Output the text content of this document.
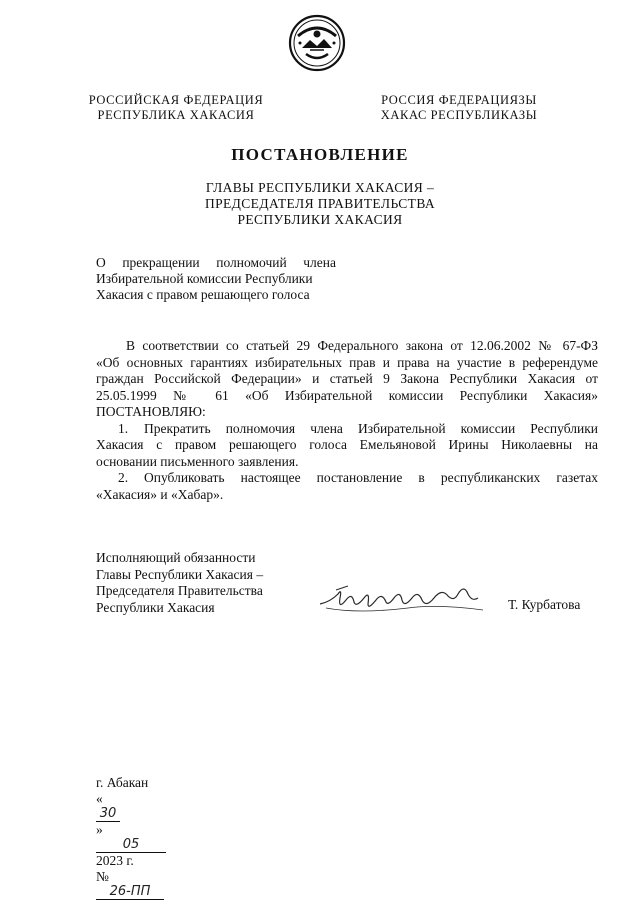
РОССИЙСКАЯ ФЕДЕРАЦИЯ
РЕСПУБЛИКА ХАКАСИЯ
РОССИЯ ФЕДЕРАЦИЯЗЫ
ХАКАС РЕСПУБЛИКАЗЫ
ПОСТАНОВЛЕНИЕ
ГЛАВЫ РЕСПУБЛИКИ ХАКАСИЯ –
ПРЕДСЕДАТЕЛЯ ПРАВИТЕЛЬСТВА
РЕСПУБЛИКИ ХАКАСИЯ
О прекращении полномочий члена
Избирательной комиссии Республики
Хакасия с правом решающего голоса
В соответствии со статьей 29 Федерального закона от 12.06.2002 № 67-ФЗ
«Об основных гарантиях избирательных прав и права на участие в референдуме
граждан Российской Федерации» и статьей 9 Закона Республики Хакасия от
25.05.1999 № 61 «Об Избирательной комиссии Республики Хакасия»
ПОСТАНОВЛЯЮ:
1.	Прекратить полномочия члена Избирательной комиссии Республики
Хакасия с правом решающего голоса Емельяновой Ирины Николаевны на
основании письменного заявления.
2.	Опубликовать настоящее постановление в республиканских газетах
«Хакасия» и «Хабар».
Исполняющий обязанности
Главы Республики Хакасия –
Председателя Правительства
Республики Хакасия	Т. Курбатова
г. Абакан
«
30
»
05
2023 г.
№
26-ПП
